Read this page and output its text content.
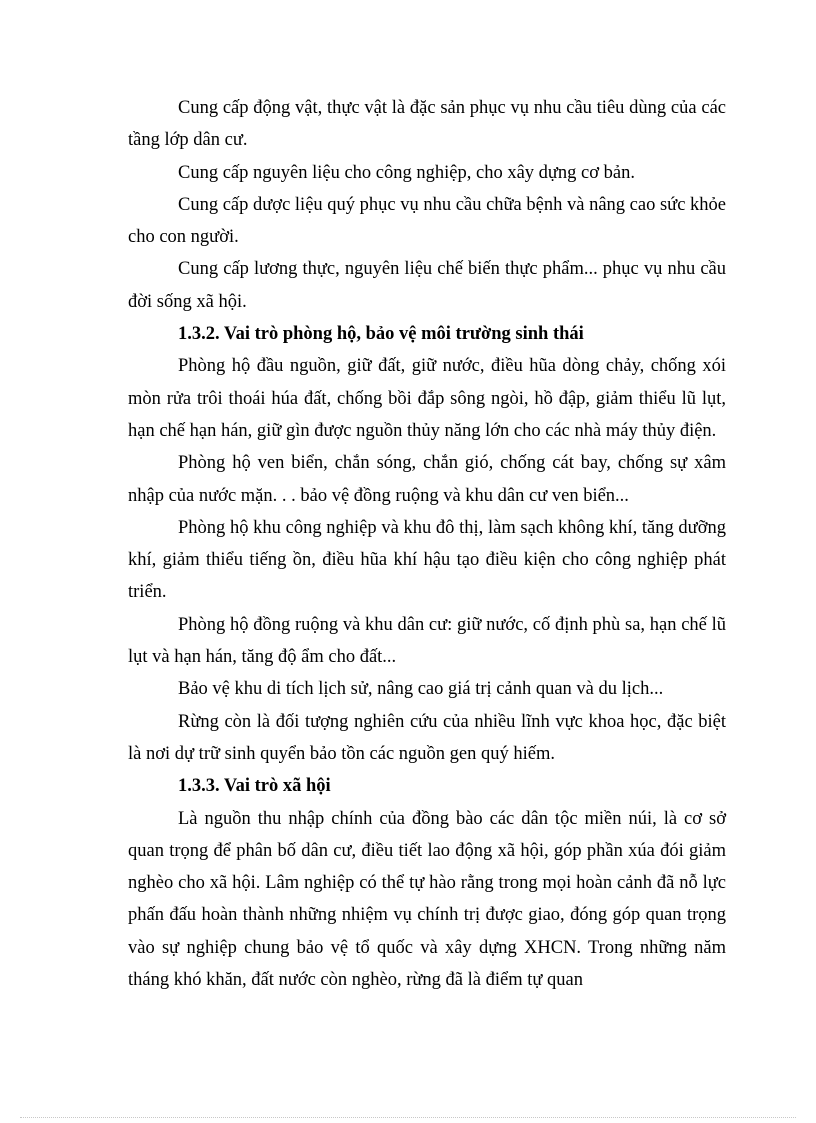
Cung cấp động vật, thực vật là đặc sản phục vụ nhu cầu tiêu dùng của các tầng lớp dân cư.

Cung cấp nguyên liệu cho công nghiệp, cho xây dựng cơ bản.

Cung cấp dược liệu quý phục vụ nhu cầu chữa bệnh và nâng cao sức khỏe cho con người.

Cung cấp lương thực, nguyên liệu chế biến thực phẩm... phục vụ nhu cầu đời sống xã hội.

1.3.2. Vai trò phòng hộ, bảo vệ môi trường sinh thái

Phòng hộ đầu nguồn, giữ đất, giữ nước, điều hũa dòng chảy, chống xói mòn rửa trôi thoái húa đất, chống bồi đắp sông ngòi, hồ đập, giảm thiểu lũ lụt, hạn chế hạn hán, giữ gìn được nguồn thủy năng lớn cho các nhà máy thủy điện.

Phòng hộ ven biển, chắn sóng, chắn gió, chống cát bay, chống sự xâm nhập của nước mặn. . . bảo vệ đồng ruộng và khu dân cư ven biển...

Phòng hộ khu công nghiệp và khu đô thị, làm sạch không khí, tăng dưỡng khí, giảm thiểu tiếng ồn, điều hũa khí hậu tạo điều kiện cho công nghiệp phát triển.

Phòng hộ đồng ruộng và khu dân cư: giữ nước, cố định phù sa, hạn chế lũ lụt và hạn hán, tăng độ ẩm cho đất...

Bảo vệ khu di tích lịch sử, nâng cao giá trị cảnh quan và du lịch...

Rừng còn là đối tượng nghiên cứu của nhiều lĩnh vực khoa học, đặc biệt là nơi dự trữ sinh quyển bảo tồn các nguồn gen quý hiếm.

1.3.3. Vai trò xã hội

Là nguồn thu nhập chính của đồng bào các dân tộc miền núi, là cơ sở quan trọng để phân bố dân cư, điều tiết lao động xã hội, góp phần xúa đói giảm nghèo cho xã hội. Lâm nghiệp có thể tự hào rằng trong mọi hoàn cảnh đã nỗ lực phấn đấu hoàn thành những nhiệm vụ chính trị được giao, đóng góp quan trọng vào sự nghiệp chung bảo vệ tổ quốc và xây dựng XHCN. Trong những năm tháng khó khăn, đất nước còn nghèo, rừng đã là điểm tự quan
